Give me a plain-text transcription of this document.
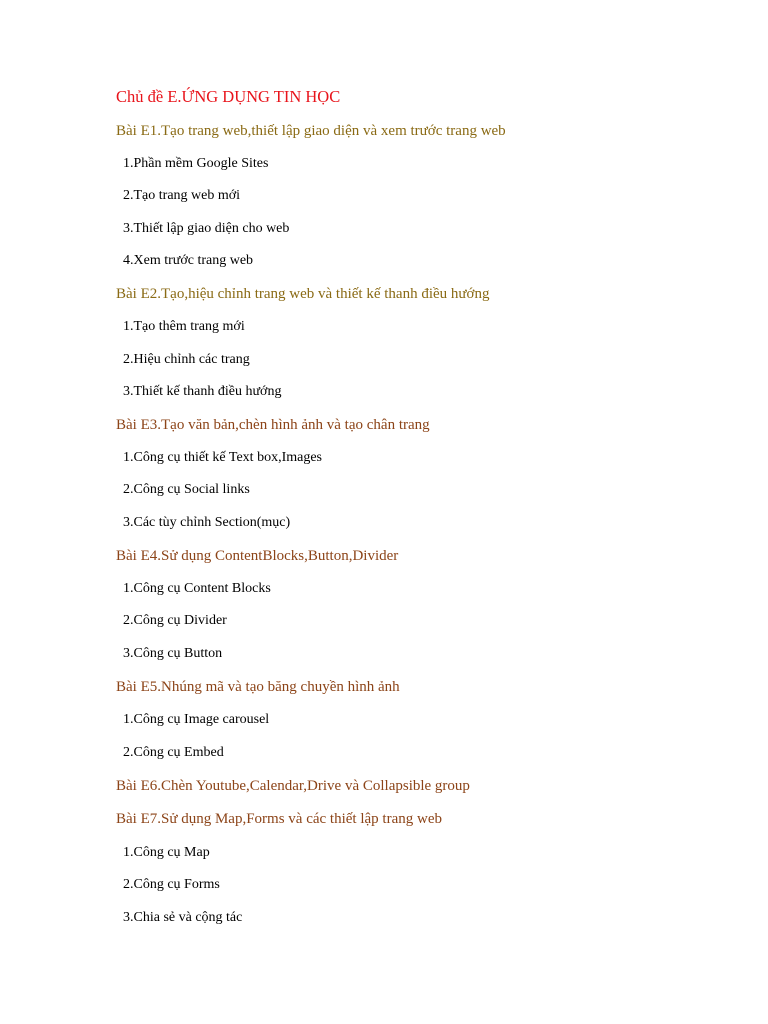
Chủ đề E.ỨNG DỤNG TIN HỌC
Bài E1.Tạo trang web,thiết lập giao diện và xem trước trang web
1.Phần mềm Google Sites
2.Tạo trang web mới
3.Thiết lập giao diện cho web
4.Xem trước trang web
Bài E2.Tạo,hiệu chỉnh trang web và thiết kế thanh điều hướng
1.Tạo thêm trang mới
2.Hiệu chỉnh các trang
3.Thiết kế thanh điều hướng
Bài E3.Tạo văn bản,chèn hình ảnh và tạo chân trang
1.Công cụ thiết kế Text box,Images
2.Công cụ Social links
3.Các tùy chỉnh Section(mục)
Bài E4.Sử dụng ContentBlocks,Button,Divider
1.Công cụ Content Blocks
2.Công cụ Divider
3.Công cụ Button
Bài E5.Nhúng mã và tạo băng chuyền hình ảnh
1.Công cụ Image carousel
2.Công cụ Embed
Bài E6.Chèn Youtube,Calendar,Drive và Collapsible group
Bài E7.Sử dụng Map,Forms và các thiết lập trang web
1.Công cụ Map
2.Công cụ Forms
3.Chia sẻ và cộng tác
